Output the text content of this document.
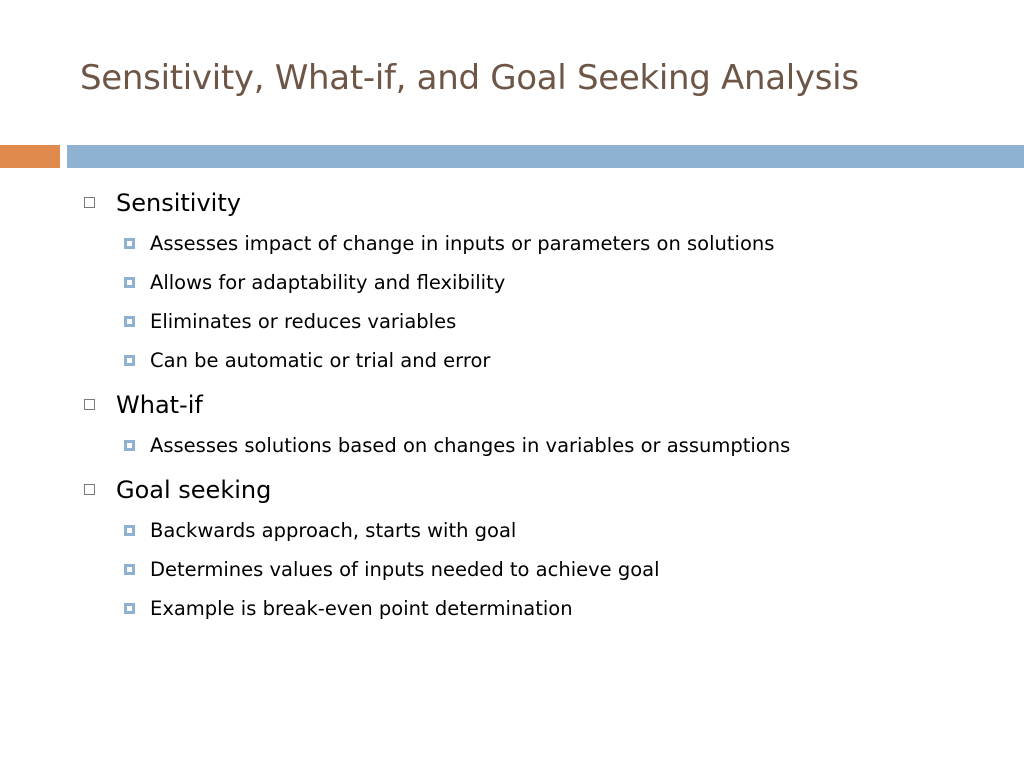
Sensitivity, What-if, and Goal Seeking Analysis
Sensitivity
Assesses impact of change in inputs or parameters on solutions
Allows for adaptability and flexibility
Eliminates or reduces variables
Can be automatic or trial and error
What-if
Assesses solutions based on changes in variables or assumptions
Goal seeking
Backwards approach, starts with goal
Determines values of inputs needed to achieve goal
Example is break-even point determination
